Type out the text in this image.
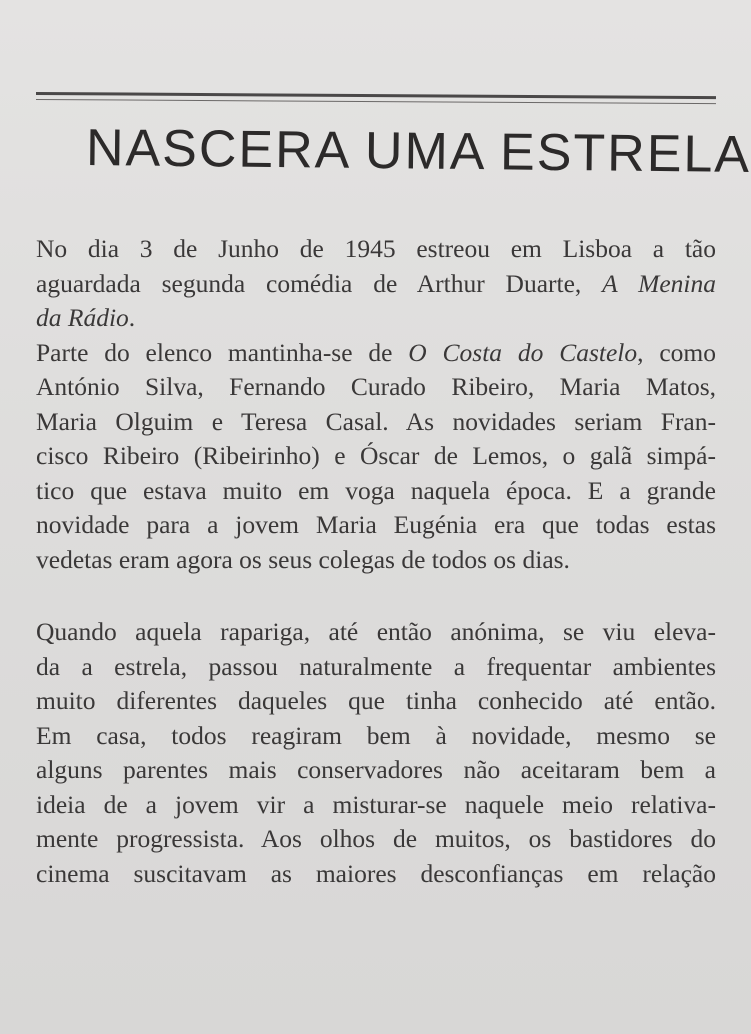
NASCERA UMA ESTRELA

No dia 3 de Junho de 1945 estreou em Lisboa a tão
aguardada segunda comédia de Arthur Duarte, A Menina
da Rádio.
Parte do elenco mantinha-se de O Costa do Castelo, como
António Silva, Fernando Curado Ribeiro, Maria Matos,
Maria Olguim e Teresa Casal. As novidades seriam Fran-
cisco Ribeiro (Ribeirinho) e Óscar de Lemos, o galã simpá-
tico que estava muito em voga naquela época. E a grande
novidade para a jovem Maria Eugénia era que todas estas
vedetas eram agora os seus colegas de todos os dias.

Quando aquela rapariga, até então anónima, se viu eleva-
da a estrela, passou naturalmente a frequentar ambientes
muito diferentes daqueles que tinha conhecido até então.
Em casa, todos reagiram bem à novidade, mesmo se
alguns parentes mais conservadores não aceitaram bem a
ideia de a jovem vir a misturar-se naquele meio relativa-
mente progressista. Aos olhos de muitos, os bastidores do
cinema suscitavam as maiores desconfianças em relação
